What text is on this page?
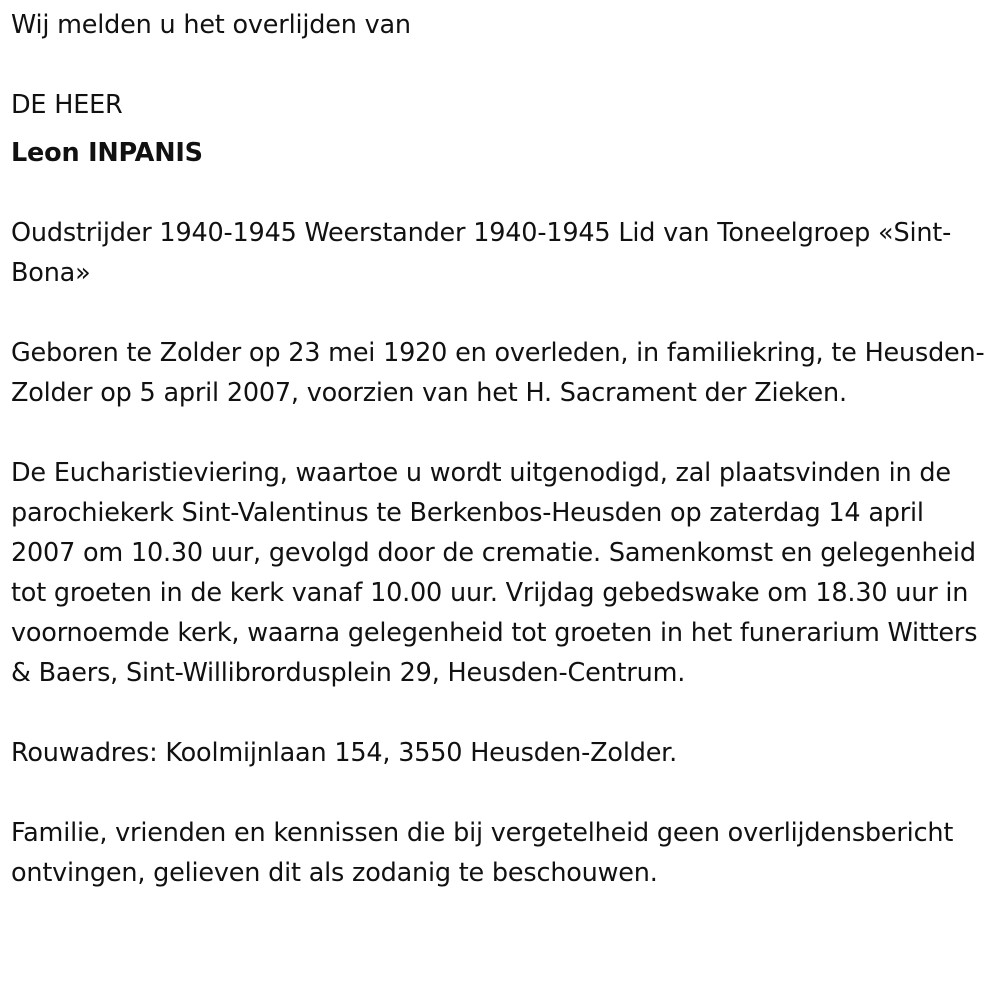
Wij melden u het overlijden van

DE HEER

Leon INPANIS

Oudstrijder 1940-1945 Weerstander 1940-1945 Lid van Toneelgroep «Sint-Bona»

Geboren te Zolder op 23 mei 1920 en overleden, in familiekring, te Heusden-Zolder op 5 april 2007, voorzien van het H. Sacrament der Zieken.

De Eucharistieviering, waartoe u wordt uitgenodigd, zal plaatsvinden in de parochiekerk Sint-Valentinus te Berkenbos-Heusden op zaterdag 14 april 2007 om 10.30 uur, gevolgd door de crematie. Samenkomst en gelegenheid tot groeten in de kerk vanaf 10.00 uur. Vrijdag gebedswake om 18.30 uur in voornoemde kerk, waarna gelegenheid tot groeten in het funerarium Witters & Baers, Sint-Willibrordusplein 29, Heusden-Centrum.

Rouwadres: Koolmijnlaan 154, 3550 Heusden-Zolder.

Familie, vrienden en kennissen die bij vergetelheid geen overlijdensbericht ontvingen, gelieven dit als zodanig te beschouwen.
